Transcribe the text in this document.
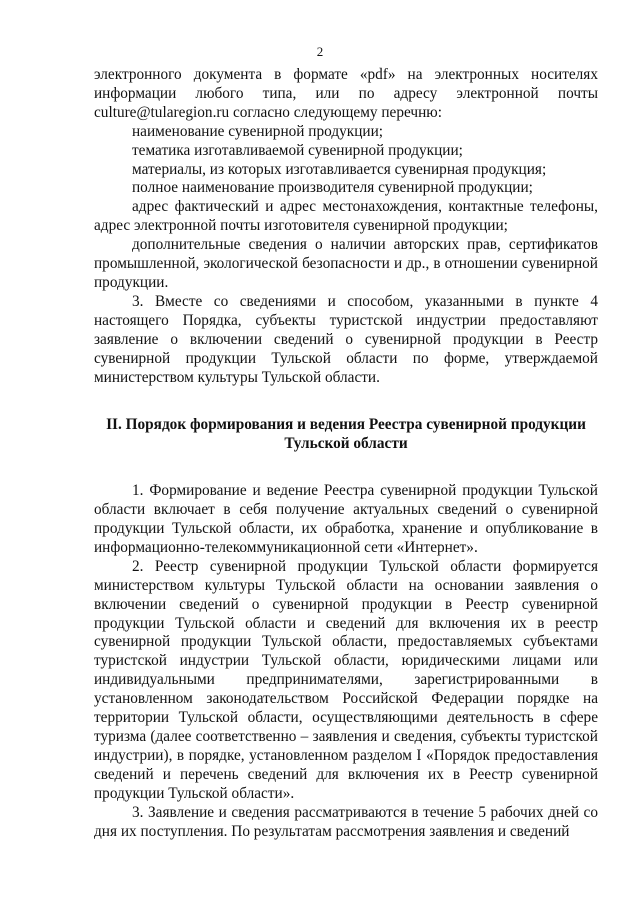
2

электронного документа в формате «pdf» на электронных носителях информации любого типа, или по адресу электронной почты culture@tularegion.ru согласно следующему перечню:

наименование сувенирной продукции;

тематика изготавливаемой сувенирной продукции;

материалы, из которых изготавливается сувенирная продукция;

полное наименование производителя сувенирной продукции;

адрес фактический и адрес местонахождения, контактные телефоны, адрес электронной почты изготовителя сувенирной продукции;

дополнительные сведения о наличии авторских прав, сертификатов промышленной, экологической безопасности и др., в отношении сувенирной продукции.

3. Вместе со сведениями и способом, указанными в пункте 4 настоящего Порядка, субъекты туристской индустрии предоставляют заявление о включении сведений о сувенирной продукции в Реестр сувенирной продукции Тульской области по форме, утверждаемой министерством культуры Тульской области.

II. Порядок формирования и ведения Реестра сувенирной продукции
Тульской области

1. Формирование и ведение Реестра сувенирной продукции Тульской области включает в себя получение актуальных сведений о сувенирной продукции Тульской области, их обработка, хранение и опубликование в информационно-телекоммуникационной сети «Интернет».

2. Реестр сувенирной продукции Тульской области формируется министерством культуры Тульской области на основании заявления о включении сведений о сувенирной продукции в Реестр сувенирной продукции Тульской области и сведений для включения их в реестр сувенирной продукции Тульской области, предоставляемых субъектами туристской индустрии Тульской области, юридическими лицами или индивидуальными предпринимателями, зарегистрированными в установленном законодательством Российской Федерации порядке на территории Тульской области, осуществляющими деятельность в сфере туризма (далее соответственно – заявления и сведения, субъекты туристской индустрии), в порядке, установленном разделом I «Порядок предоставления сведений и перечень сведений для включения их в Реестр сувенирной продукции Тульской области».

3. Заявление и сведения рассматриваются в течение 5 рабочих дней со дня их поступления. По результатам рассмотрения заявления и сведений
